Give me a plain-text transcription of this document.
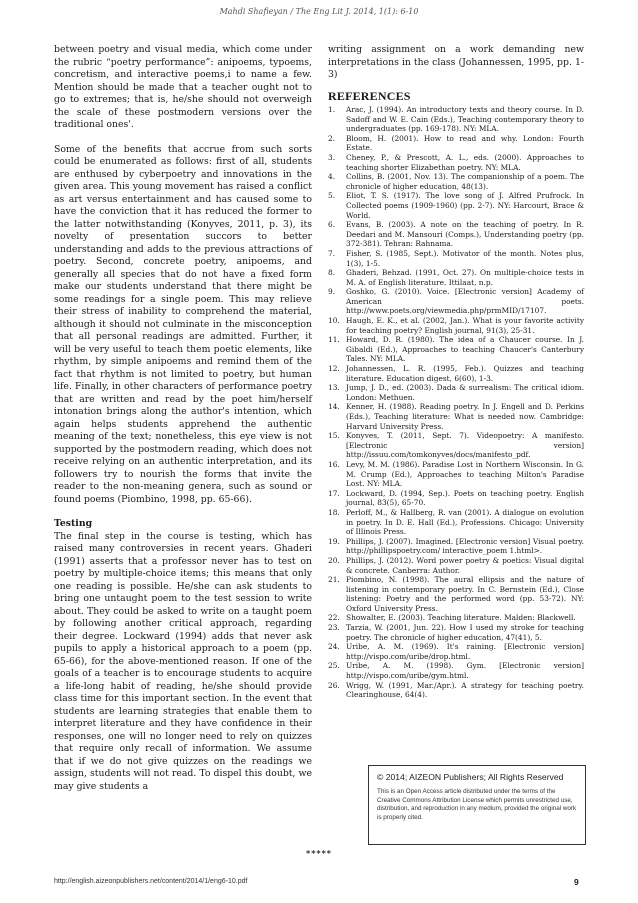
Mahdi Shafieyan / The Eng Lit J. 2014, 1(1): 6-10

between poetry and visual media, which come under the rubric “poetry performance”: anipoems, typoems, concretism, and interactive poems,i to name a few. Mention should be made that a teacher ought not to go to extremes; that is, he/she should not overweigh the scale of these postmodern versions over the traditional ones'.

Some of the benefits that accrue from such sorts could be enumerated as follows: first of all, students are enthused by cyberpoetry and innovations in the given area. This young movement has raised a conflict as art versus entertainment and has caused some to have the conviction that it has reduced the former to the latter notwithstanding (Konyves, 2011, p. 3), its novelty of presentation succors to better understanding and adds to the previous attractions of poetry. Second, concrete poetry, anipoems, and generally all species that do not have a fixed form make our students understand that there might be some readings for a single poem. This may relieve their stress of inability to comprehend the material, although it should not culminate in the misconception that all personal readings are admitted. Further, it will be very useful to teach them poetic elements, like rhythm, by simple anipoems and remind them of the fact that rhythm is not limited to poetry, but human life. Finally, in other characters of performance poetry that are written and read by the poet him/herself intonation brings along the author's intention, which again helps students apprehend the authentic meaning of the text; nonetheless, this eye view is not supported by the postmodern reading, which does not receive relying on an authentic interpretation, and its followers try to nourish the forms that invite the reader to the non-meaning genera, such as sound or found poems (Piombino, 1998, pp. 65-66).

Testing

The final step in the course is testing, which has raised many controversies in recent years. Ghaderi (1991) asserts that a professor never has to test on poetry by multiple-choice items; this means that only one reading is possible. He/she can ask students to bring one untaught poem to the test session to write about. They could be asked to write on a taught poem by following another critical approach, regarding their degree. Lockward (1994) adds that never ask pupils to apply a historical approach to a poem (pp. 65-66), for the above-mentioned reason. If one of the goals of a teacher is to encourage students to acquire a life-long habit of reading, he/she should provide class time for this important section. In the event that students are learning strategies that enable them to interpret literature and they have confidence in their responses, one will no longer need to rely on quizzes that require only recall of information. We assume that if we do not give quizzes on the readings we assign, students will not read. To dispel this doubt, we may give students a

writing assignment on a work demanding new interpretations in the class (Johannessen, 1995, pp. 1-3)

REFERENCES
1. Arac, J. (1994). An introductory texts and theory course. In D. Sadoff and W. E. Cain (Eds.), Teaching contemporary theory to undergraduates (pp. 169-178). NY: MLA.
2. Bloom, H. (2001). How to read and why. London: Fourth Estate.
3. Cheney, P., & Prescott, A. L., eds. (2000). Approaches to teaching shorter Elizabethan poetry. NY: MLA.
4. Collins, B. (2001, Nov. 13). The companionship of a poem. The chronicle of higher education, 48(13).
5. Eliot, T. S. (1917). The love song of J. Alfred Prufrock. In Collected poems (1909-1960) (pp. 2-7). NY: Harcourt, Brace & World.
6. Evans, B. (2003). A note on the teaching of poetry. In R. Deedari and M. Mansouri (Comps.), Understanding poetry (pp. 372-381). Tehran: Rahnama.
7. Fisher, S. (1985, Sept.). Motivator of the month. Notes plus, 1(3), 1-5.
8. Ghaderi, Behzad. (1991, Oct. 27). On multiple-choice tests in M. A. of English literature. Ittilaat, n.p.
9. Goshko, G. (2010). Voice. [Electronic version] Academy of American poets. http://www.poets.org/viewmedia.php/prmMID/17107.
10. Haugh, E. K., et al. (2002, Jan.). What is your favorite activity for teaching poetry? English journal, 91(3), 25-31.
11. Howard, D. R. (1980). The idea of a Chaucer course. In J. Gibaldi (Ed.), Approaches to teaching Chaucer's Canterbury Tales. NY: MLA.
12. Johannessen, L. R. (1995, Feb.). Quizzes and teaching literature. Education digest, 6(60), 1-3.
13. Jump, J. D., ed. (2003). Dada & surrealism: The critical idiom. London: Methuen.
14. Kenner, H. (1988). Reading poetry. In J. Engell and D. Perkins (Eds.), Teaching literature: What is needed now. Cambridge: Harvard University Press.
15. Konyves, T. (2011, Sept. 7). Videopoetry: A manifesto. [Electronic version] http://issuu.com/tomkonyves/docs/manifesto_pdf.
16. Levy, M. M. (1986). Paradise Lost in Northern Wisconsin. In G. M. Crump (Ed.), Approaches to teaching Milton's Paradise Lost. NY: MLA.
17. Lockward, D. (1994, Sep.). Poets on teaching poetry. English journal, 83(5), 65-70.
18. Perloff, M., & Hallberg, R. van (2001). A dialogue on evolution in poetry. In D. E. Hall (Ed.), Professions. Chicago: University of Illinois Press.
19. Phillips, J. (2007). Imagined. [Electronic version] Visual poetry. http://phillipspoetry.com/ interactive_poem 1.html>.
20. Phillips, J. (2012). Word power poetry & poetics: Visual digital & concrete. Canberra: Author.
21. Piombino, N. (1998). The aural ellipsis and the nature of listening in contemporary poetry. In C. Bernstein (Ed.), Close listening: Poetry and the performed word (pp. 53-72). NY: Oxford University Press.
22. Showalter, E. (2003). Teaching literature. Malden: Blackwell.
23. Tarzia, W. (2001, Jun. 22). How I used my stroke for teaching poetry. The chronicle of higher education, 47(41), 5.
24. Uribe, A. M. (1969). It's raining. [Electronic version] http://vispo.com/uribe/drop.html.
25. Uribe, A. M. (1998). Gym. [Electronic version] http://vispo.com/uribe/gym.html.
26. Wrigg, W. (1991, Mar./Apr.). A strategy for teaching poetry. Clearinghouse, 64(4).

© 2014; AIZEON Publishers; All Rights Reserved

This is an Open Access article distributed under the terms of the Creative Commons Attribution License which permits unrestricted use, distribution, and reproduction in any medium, provided the original work is properly cited.

*****
http://english.aizeonpublishers.net/content/2014/1/eng6-10.pdf	9
